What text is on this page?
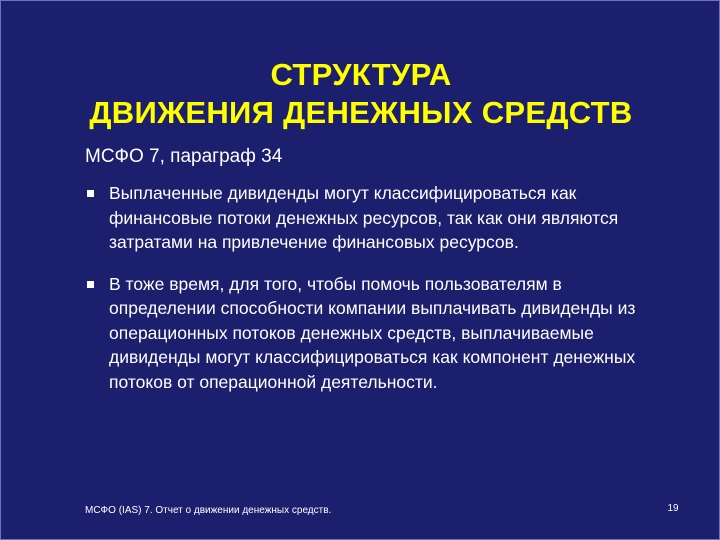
СТРУКТУРА
ДВИЖЕНИЯ ДЕНЕЖНЫХ СРЕДСТВ
МСФО 7, параграф 34
Выплаченные дивиденды могут классифицироваться как финансовые потоки денежных ресурсов, так как они являются затратами на привлечение финансовых ресурсов.
В тоже время, для того, чтобы помочь пользователям в определении способности компании выплачивать дивиденды из операционных потоков денежных средств, выплачиваемые дивиденды могут классифицироваться как компонент денежных потоков от операционной деятельности.
МСФО (IAS) 7. Отчет о движении денежных средств.	19
